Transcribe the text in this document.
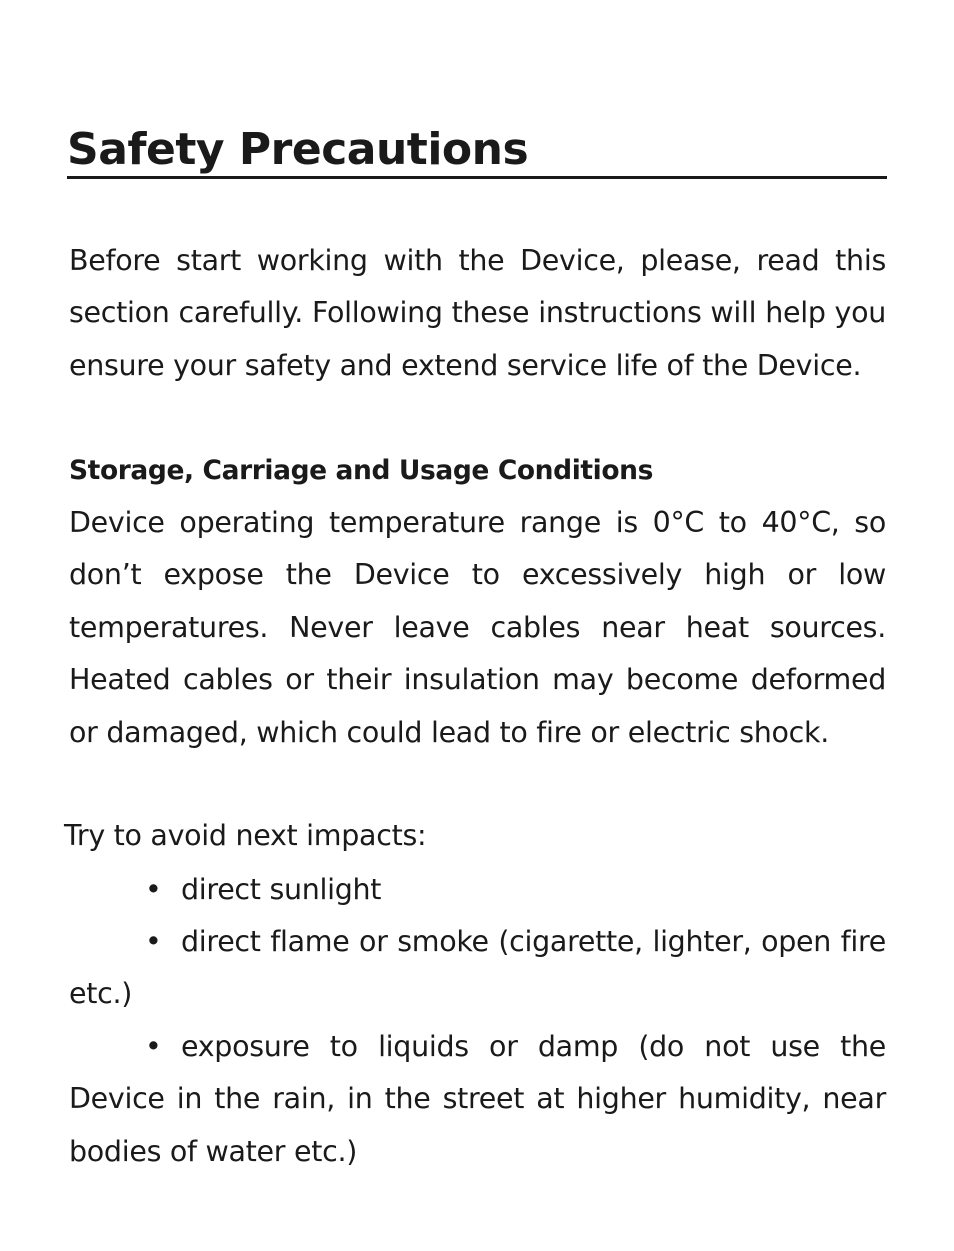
Safety Precautions

Before start working with the Device, please, read this section carefully. Following these instructions will help you ensure your safety and extend service life of the Device.

Storage, Carriage and Usage Conditions

Device operating temperature range is 0°C to 40°C, so don’t expose the Device to excessively high or low temperatures. Never leave cables near heat sources. Heated cables or their insulation may become deformed or damaged, which could lead to fire or electric shock.

Try to avoid next impacts:

• direct sunlight

• direct flame or smoke (cigarette, lighter, open fire etc.)

• exposure to liquids or damp (do not use the Device in the rain, in the street at higher humidity, near bodies of water etc.)
